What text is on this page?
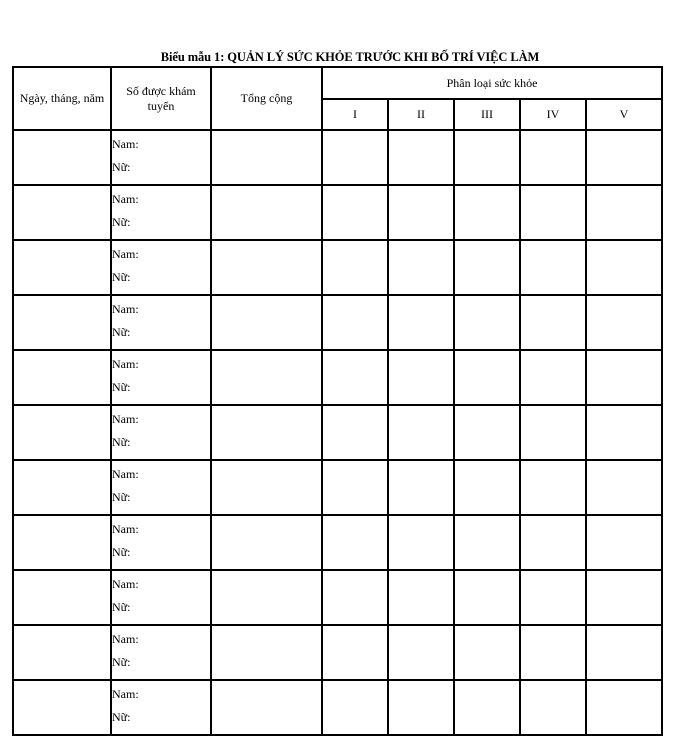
Biểu mẫu 1: QUẢN LÝ SỨC KHỎE TRƯỚC KHI BỐ TRÍ VIỆC LÀM
Ngày, tháng, năm	Số được khám tuyển	Tổng cộng	Phân loại sức khỏe				
			I	II	III	IV	V

	Nam:
Nữ:						

	Nam:
Nữ:						

	Nam:
Nữ:						

	Nam:
Nữ:						

	Nam:
Nữ:						

	Nam:
Nữ:						

	Nam:
Nữ:						

	Nam:
Nữ:						

	Nam:
Nữ:						

	Nam:
Nữ:						

	Nam:
Nữ:						
